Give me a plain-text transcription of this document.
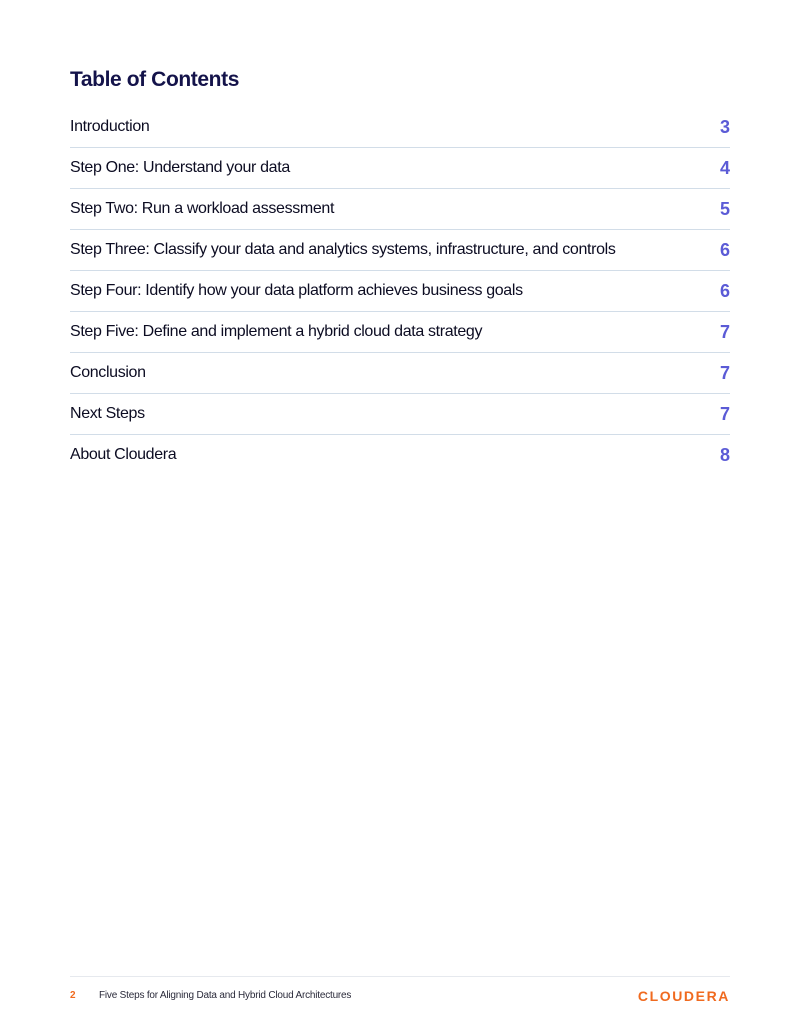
Table of Contents
Introduction	3
Step One: Understand your data	4
Step Two: Run a workload assessment	5
Step Three: Classify your data and analytics systems, infrastructure, and controls	6
Step Four: Identify how your data platform achieves business goals	6
Step Five: Define and implement a hybrid cloud data strategy	7
Conclusion	7
Next Steps	7
About Cloudera	8
2 Five Steps for Aligning Data and Hybrid Cloud Architectures	CLOUDERA
